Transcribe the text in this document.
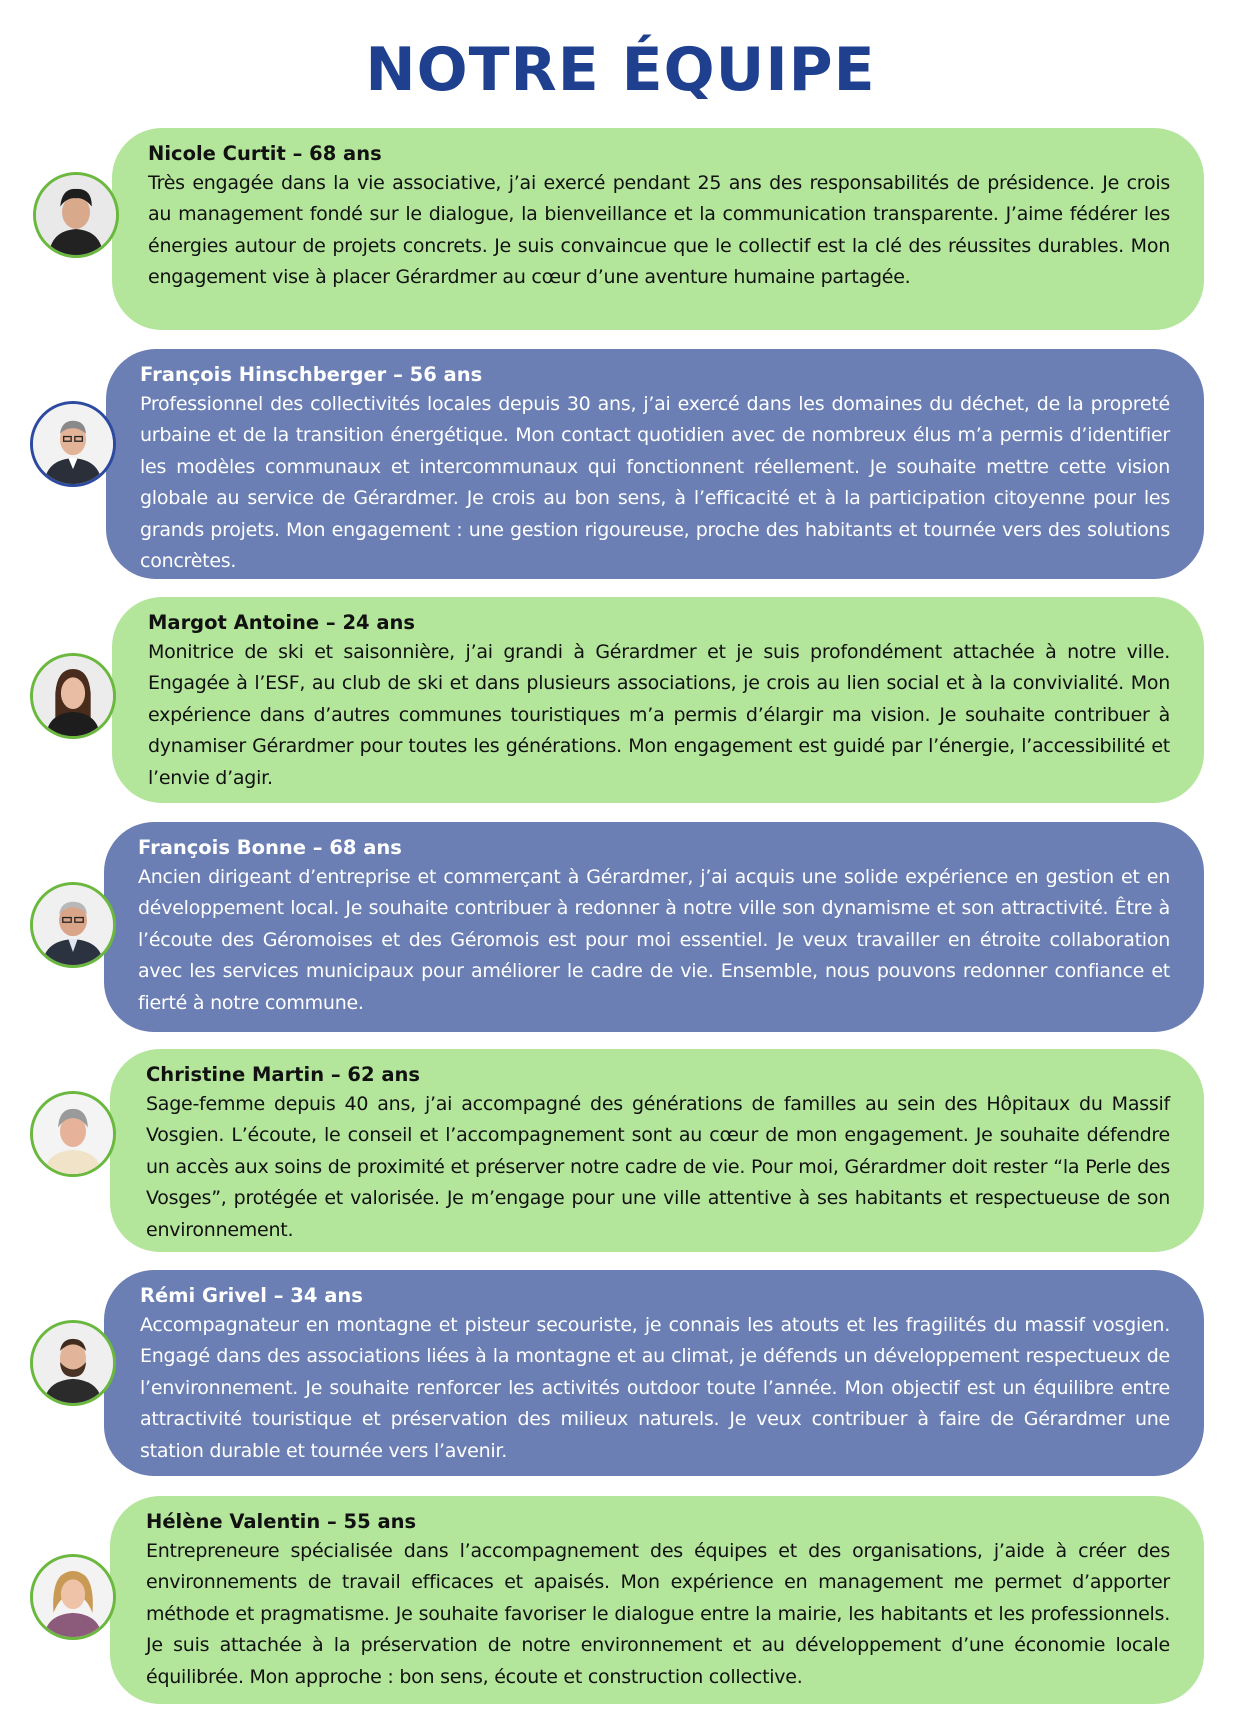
NOTRE ÉQUIPE

Nicole Curtit – 68 ans

Très engagée dans la vie associative, j’ai exercé pendant 25 ans des responsabilités de présidence. Je crois au management fondé sur le dialogue, la bienveillance et la communication transparente. J’aime fédérer les énergies autour de projets concrets. Je suis convaincue que le collectif est la clé des réussites durables. Mon engagement vise à placer Gérardmer au cœur d’une aventure humaine partagée.

François Hinschberger – 56 ans

Professionnel des collectivités locales depuis 30 ans, j’ai exercé dans les domaines du déchet, de la propreté urbaine et de la transition énergétique. Mon contact quotidien avec de nombreux élus m’a permis d’identifier les modèles communaux et intercommunaux qui fonctionnent réellement. Je souhaite mettre cette vision globale au service de Gérardmer. Je crois au bon sens, à l’efficacité et à la participation citoyenne pour les grands projets. Mon engagement : une gestion rigoureuse, proche des habitants et tournée vers des solutions concrètes.

Margot Antoine – 24 ans

Monitrice de ski et saisonnière, j’ai grandi à Gérardmer et je suis profondément attachée à notre ville. Engagée à l’ESF, au club de ski et dans plusieurs associations, je crois au lien social et à la convivialité. Mon expérience dans d’autres communes touristiques m’a permis d’élargir ma vision. Je souhaite contribuer à dynamiser Gérardmer pour toutes les générations. Mon engagement est guidé par l’énergie, l’accessibilité et l’envie d’agir.

François Bonne – 68 ans

Ancien dirigeant d’entreprise et commerçant à Gérardmer, j’ai acquis une solide expérience en gestion et en développement local. Je souhaite contribuer à redonner à notre ville son dynamisme et son attractivité. Être à l’écoute des Géromoises et des Géromois est pour moi essentiel. Je veux travailler en étroite collaboration avec les services municipaux pour améliorer le cadre de vie. Ensemble, nous pouvons redonner confiance et fierté à notre commune.

Christine Martin – 62 ans

Sage-femme depuis 40 ans, j’ai accompagné des générations de familles au sein des Hôpitaux du Massif Vosgien. L’écoute, le conseil et l’accompagnement sont au cœur de mon engagement. Je souhaite défendre un accès aux soins de proximité et préserver notre cadre de vie. Pour moi, Gérardmer doit rester “la Perle des Vosges”, protégée et valorisée. Je m’engage pour une ville attentive à ses habitants et respectueuse de son environnement.

Rémi Grivel – 34 ans

Accompagnateur en montagne et pisteur secouriste, je connais les atouts et les fragilités du massif vosgien. Engagé dans des associations liées à la montagne et au climat, je défends un développement respectueux de l’environnement. Je souhaite renforcer les activités outdoor toute l’année. Mon objectif est un équilibre entre attractivité touristique et préservation des milieux naturels. Je veux contribuer à faire de Gérardmer une station durable et tournée vers l’avenir.

Hélène Valentin – 55 ans

Entrepreneure spécialisée dans l’accompagnement des équipes et des organisations, j’aide à créer des environnements de travail efficaces et apaisés. Mon expérience en management me permet d’apporter méthode et pragmatisme. Je souhaite favoriser le dialogue entre la mairie, les habitants et les professionnels. Je suis attachée à la préservation de notre environnement et au développement d’une économie locale équilibrée. Mon approche : bon sens, écoute et construction collective.
